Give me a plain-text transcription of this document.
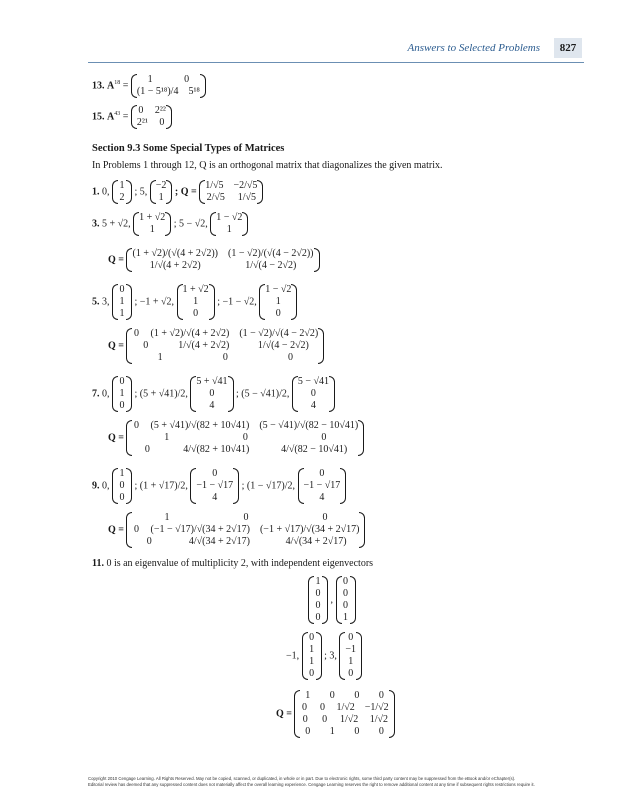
Answers to Selected Problems	827
13. $A^{18}$ =
1	0
(1 − 5¹⁸)/4 5¹⁸
15. $A^{43}$ =
0 2²²
2²¹ 0
Section 9.3 Some Special Types of Matrices
In Problems 1 through 12, Q is an orthogonal matrix that diagonalizes the given matrix.
1. 0,
1
2
; 5,
−2
1
; Q =
1/√5 −2/√5
2/√5 1/√5
3. 5 + √2,
1 + √2
1
; 5 − √2,
1 − √2
1
Q =
(1 + √2)/(√(4 + 2√2)) (1 − √2)/(√(4 − 2√2))
1/√(4 + 2√2)	1/√(4 − 2√2)
5. 3,
0
1
1
; −1 + √2,
1 + √2
1
0
; −1 − √2,
1 − √2
1
0
Q =
0 (1 + √2)/√(4 + 2√2) (1 − √2)/√(4 − 2√2)
0	1/√(4 + 2√2)	1/√(4 − 2√2)
1	0	0
7. 0,
0
1
0
; (5 + √41)/2,
5 + √41
0
4
; (5 − √41)/2,
5 − √41
0
4
Q =
0 (5 + √41)/√(82 + 10√41) (5 − √41)/√(82 − 10√41)
1	0	0
0	4/√(82 + 10√41)	4/√(82 − 10√41)
9. 0,
1
0
0
; (1 + √17)/2,
0
−1 − √17
4
; (1 − √17)/2,
0
−1 − √17
4
Q =
1	0	0
0 (−1 − √17)/√(34 + 2√17) (−1 + √17)/√(34 + 2√17)
0	4/√(34 + 2√17)	4/√(34 + 2√17)
11. 0 is an eigenvalue of multiplicity 2, with independent eigenvectors
1
0
0
0
,
0
0
0
1
−1,
0
1
1
0
; 3,
0
−1
1
0
Q =
1 0 0 0
0 0 1/√2 −1/√2
0 0 1/√2 1/√2
0 1 0 0
Copyright 2010 Cengage Learning. All Rights Reserved. May not be copied, scanned, or duplicated, in whole or in part. Due to electronic rights, some third party content may be suppressed from the eBook and/or eChapter(s).
Editorial review has deemed that any suppressed content does not materially affect the overall learning experience. Cengage Learning reserves the right to remove additional content at any time if subsequent rights restrictions require it.
